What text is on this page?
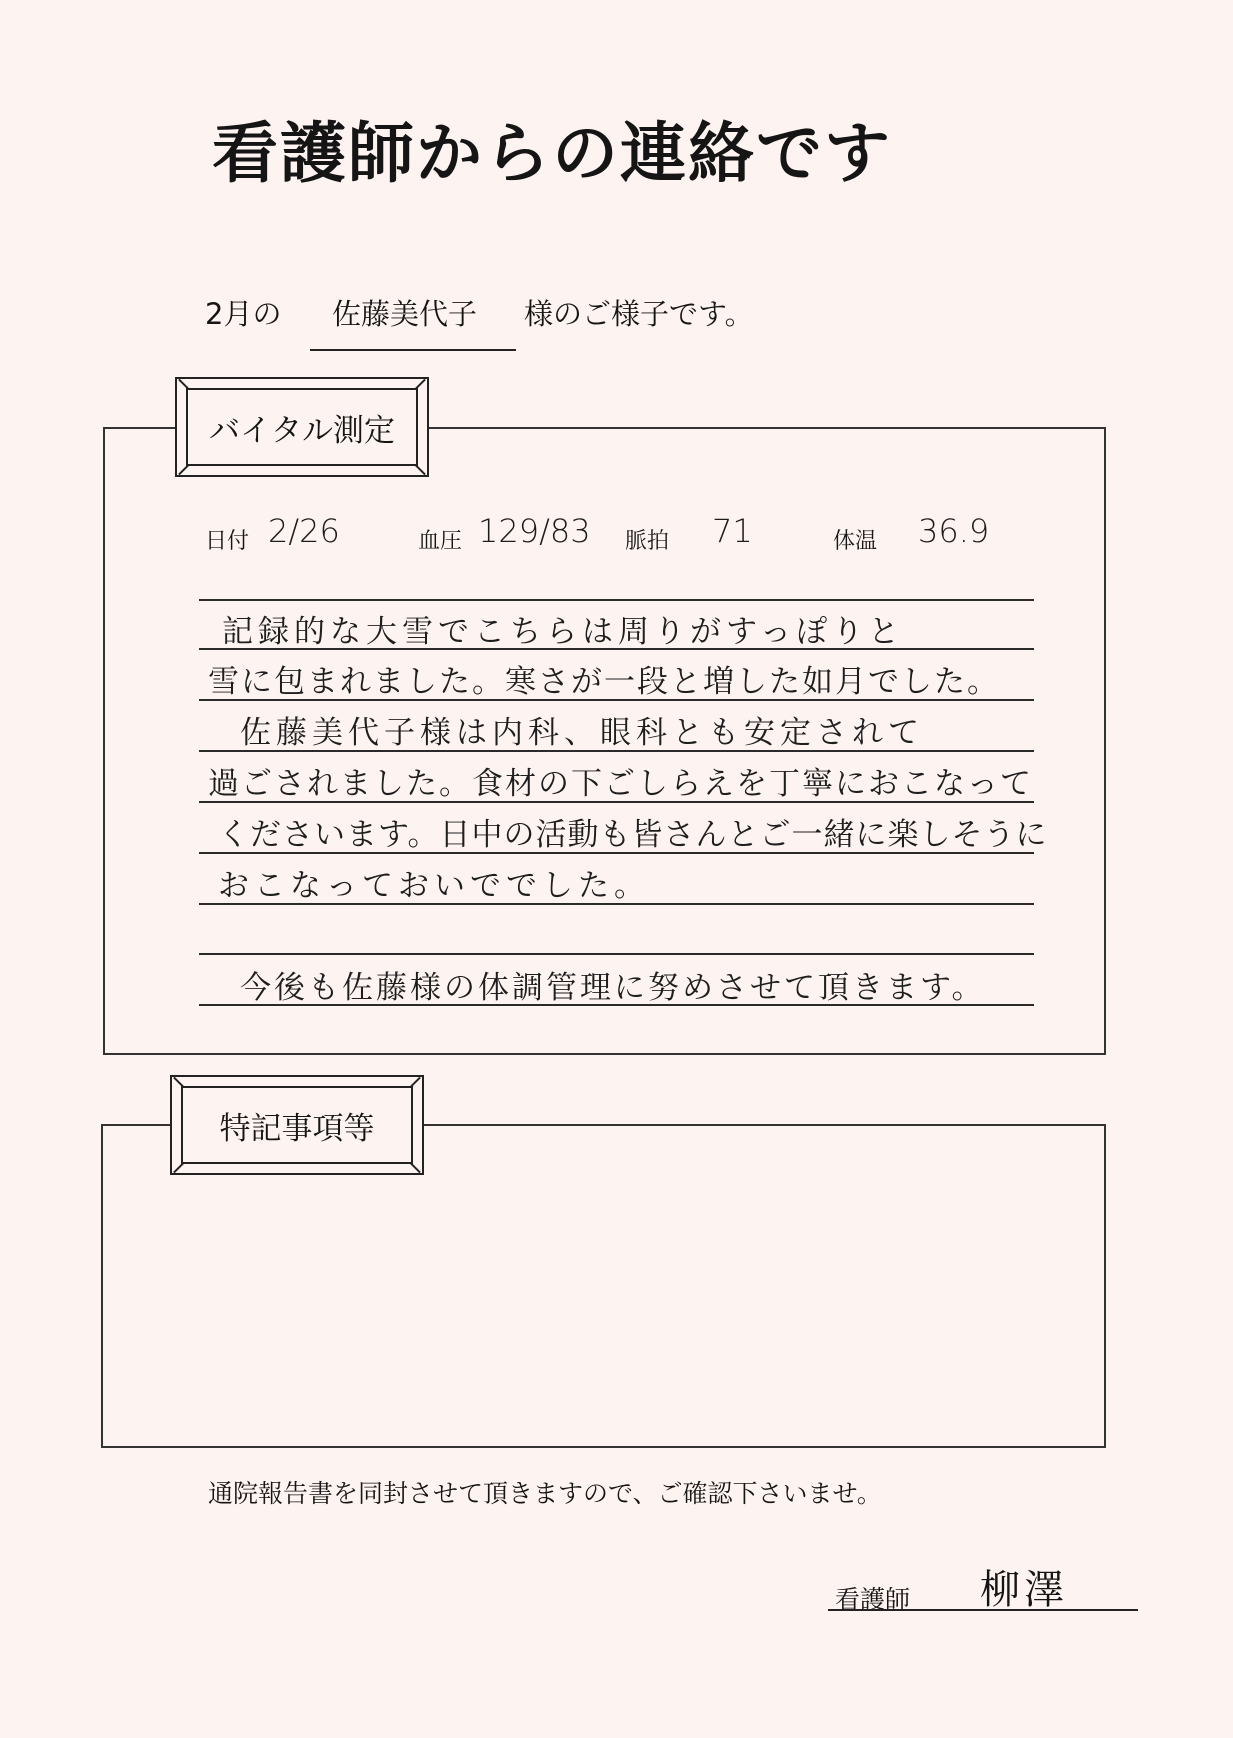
看護師からの連絡です
2月の 佐藤美代子 様のご様子です。
バイタル測定
日付 2/26	血圧 129/83 脈拍 71	体温 36.9
記録的な大雪でこちらは周りがすっぽりと
雪に包まれました。寒さが一段と増した如月でした。
佐藤美代子様は内科、眼科とも安定されて
過ごされました。食材の下ごしらえを丁寧におこなって
くださいます。日中の活動も皆さんとご一緒に楽しそうに
おこなっておいででした。
今後も佐藤様の体調管理に努めさせて頂きます。
特記事項等
通院報告書を同封させて頂きますので、ご確認下さいませ。
看護師 柳澤
